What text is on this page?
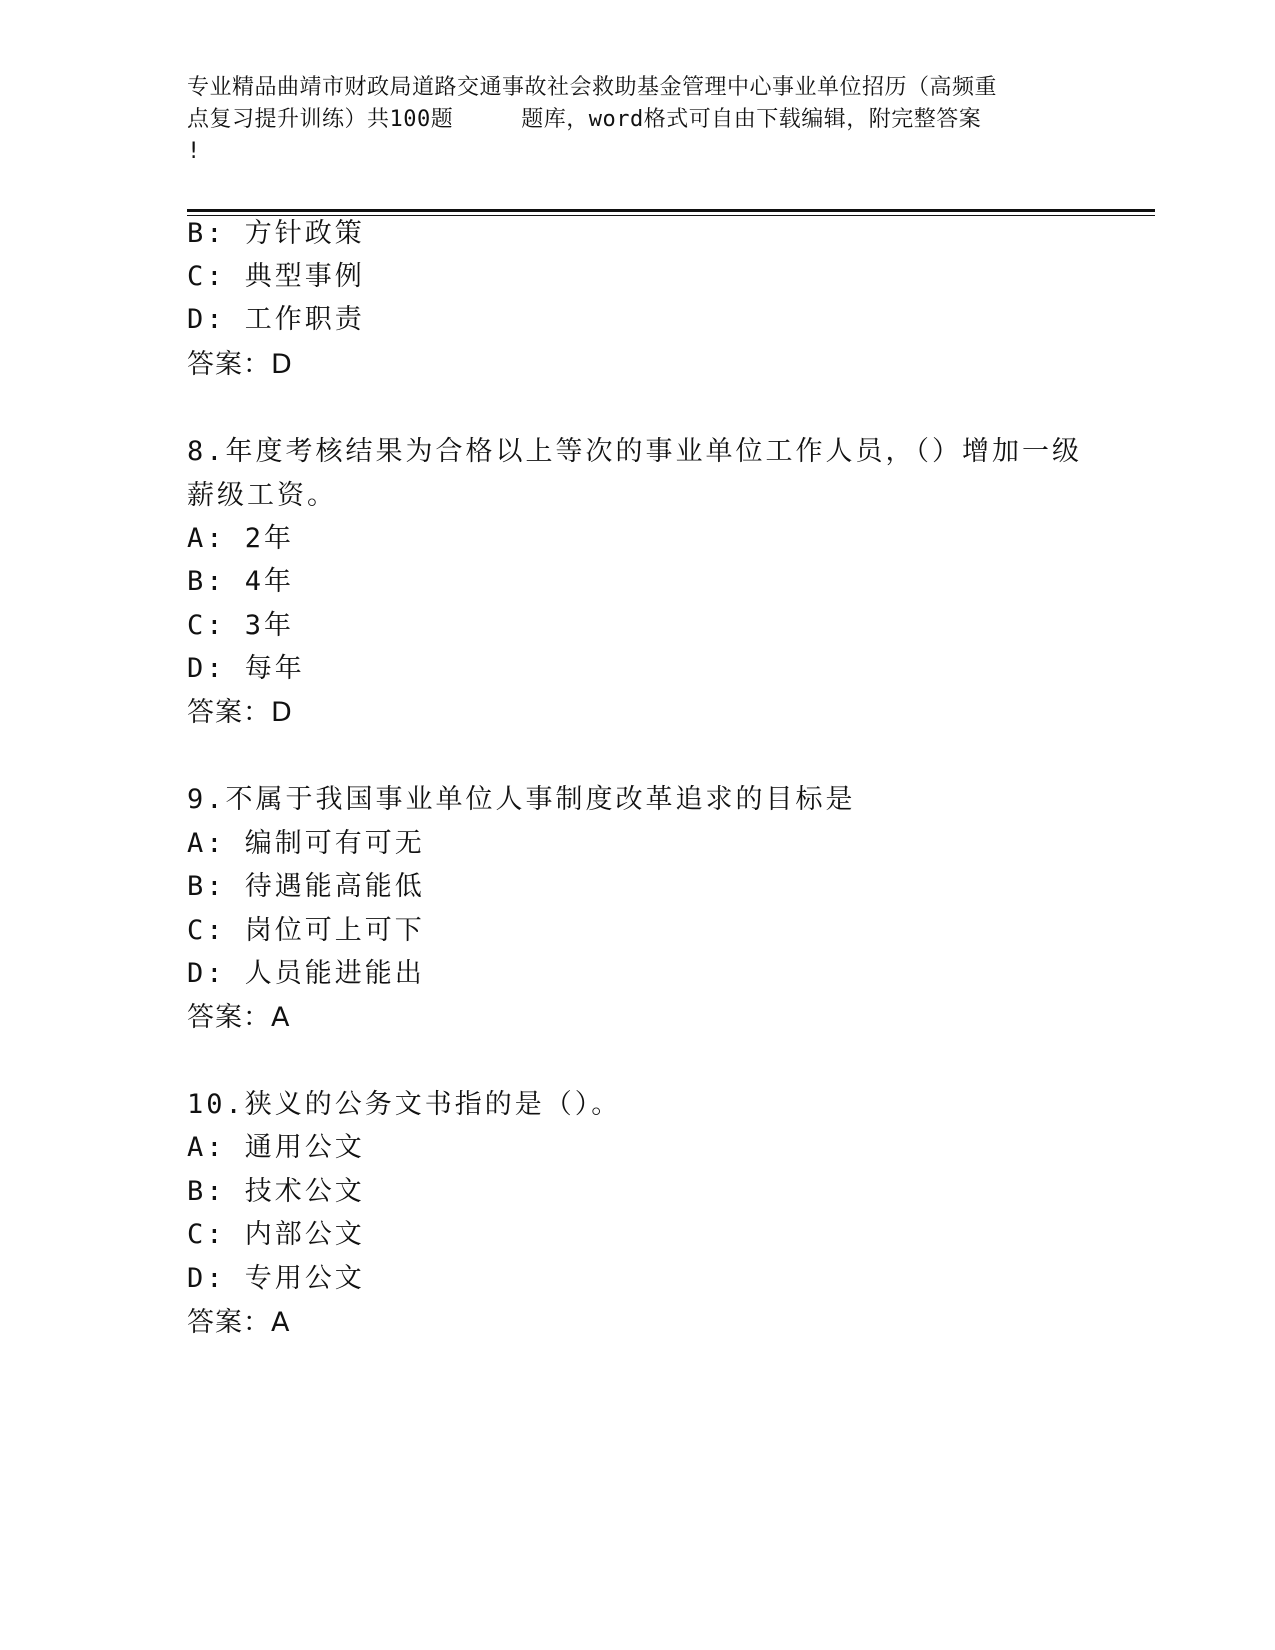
专业精品曲靖市财政局道路交通事故社会救助基金管理中心事业单位招历（高频重
点复习提升训练）共100题	题库，word格式可自由下载编辑，附完整答案
!
B: 方针政策
C: 典型事例
D: 工作职责
答案：D
8.年度考核结果为合格以上等次的事业单位工作人员，（）增加一级
薪级工资。
A: 2年
B: 4年
C: 3年
D: 每年
答案：D
9.不属于我国事业单位人事制度改革追求的目标是
A: 编制可有可无
B: 待遇能高能低
C: 岗位可上可下
D: 人员能进能出
答案：A
10.狭义的公务文书指的是（）。
A: 通用公文
B: 技术公文
C: 内部公文
D: 专用公文
答案：A
